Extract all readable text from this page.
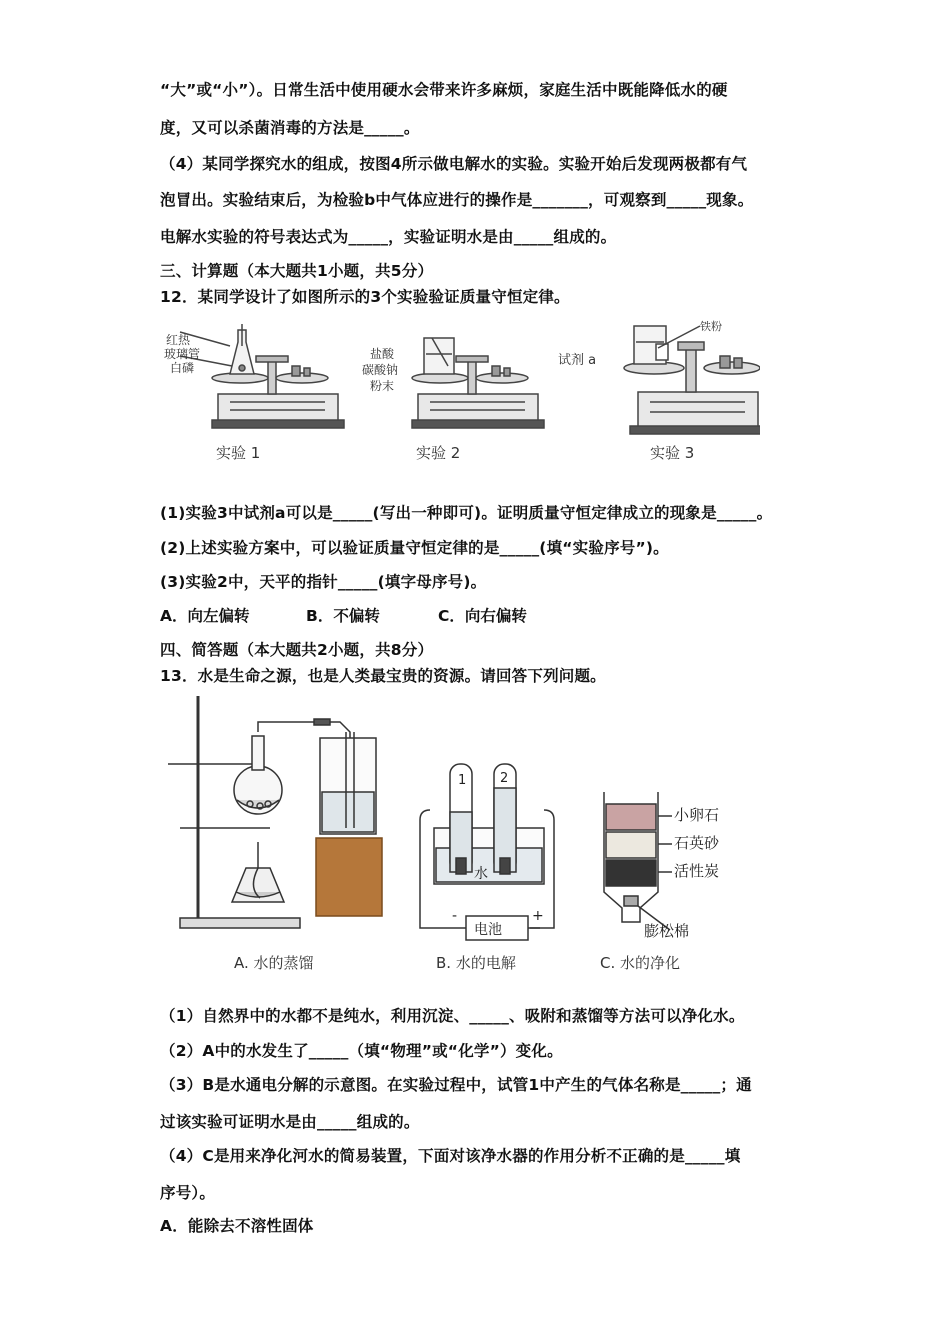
“大”或“小”）。日常生活中使用硬水会带来许多麻烦，家庭生活中既能降低水的硬
度，又可以杀菌消毒的方法是_____。
（4）某同学探究水的组成，按图4所示做电解水的实验。实验开始后发现两极都有气
泡冒出。实验结束后，为检验b中气体应进行的操作是_______，可观察到_____现象。
电解水实验的符号表达式为_____，实验证明水是由_____组成的。
三、计算题（本大题共1小题，共5分）
12．某同学设计了如图所示的3个实验验证质量守恒定律。
红热
玻璃管
白磷
盐酸
碳酸钠
粉末
试剂 a
铁粉
实验 1	实验 2	实验 3
(1)实验3中试剂a可以是_____(写出一种即可)。证明质量守恒定律成立的现象是_____。
(2)上述实验方案中，可以验证质量守恒定律的是_____(填“实验序号”)。
(3)实验2中，天平的指针_____(填字母序号)。
A．向左偏转	B．不偏转	C．向右偏转
四、简答题（本大题共2小题，共8分）
13．水是生命之源，也是人类最宝贵的资源。请回答下列问题。
1	2
水
电池
-	+
小卵石
石英砂
活性炭
膨松棉
A. 水的蒸馏	B. 水的电解	C. 水的净化
（1）自然界中的水都不是纯水，利用沉淀、_____、吸附和蒸馏等方法可以净化水。
（2）A中的水发生了_____（填“物理”或“化学”）变化。
（3）B是水通电分解的示意图。在实验过程中，试管1中产生的气体名称是_____；通
过该实验可证明水是由_____组成的。
（4）C是用来净化河水的简易装置，下面对该净水器的作用分析不正确的是_____填
序号）。
A．能除去不溶性固体
